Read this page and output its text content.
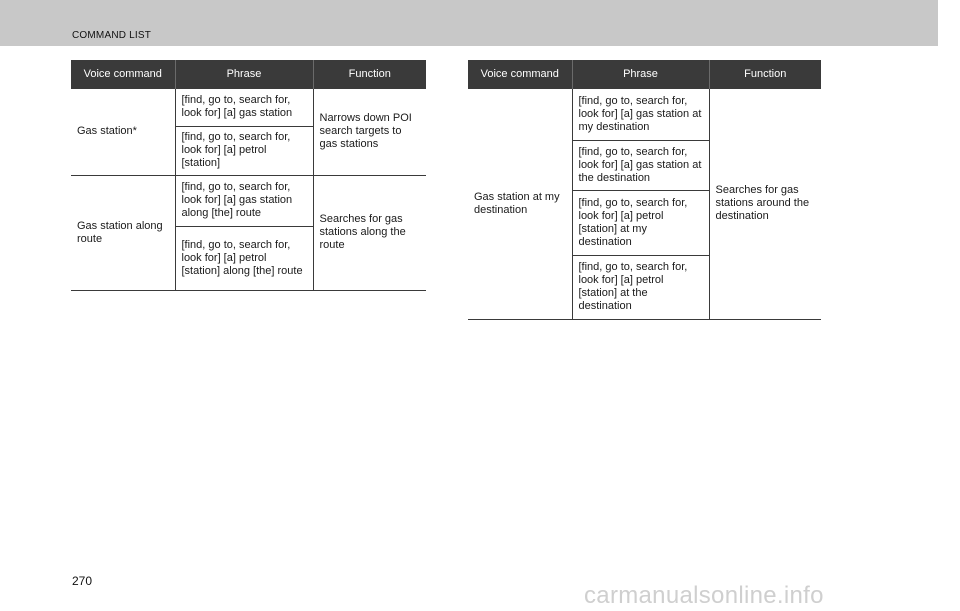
COMMAND LIST
Voice command	Phrase	Function
Gas station*	[find, go to, search for, look for] [a] gas station	Narrows down POI search targets to gas stations
	[find, go to, search for, look for] [a] petrol [station]	
Gas station along route	[find, go to, search for, look for] [a] gas station along [the] route	Searches for gas stations along the route
	[find, go to, search for, look for] [a] petrol [station] along [the] route	
Voice command	Phrase	Function
Gas station at my destination	[find, go to, search for, look for] [a] gas station at my destination	Searches for gas stations around the destination
	[find, go to, search for, look for] [a] gas station at the destination	
	[find, go to, search for, look for] [a] petrol [station] at my destination	
	[find, go to, search for, look for] [a] petrol [station] at the destination	
270
carmanualsonline.info
